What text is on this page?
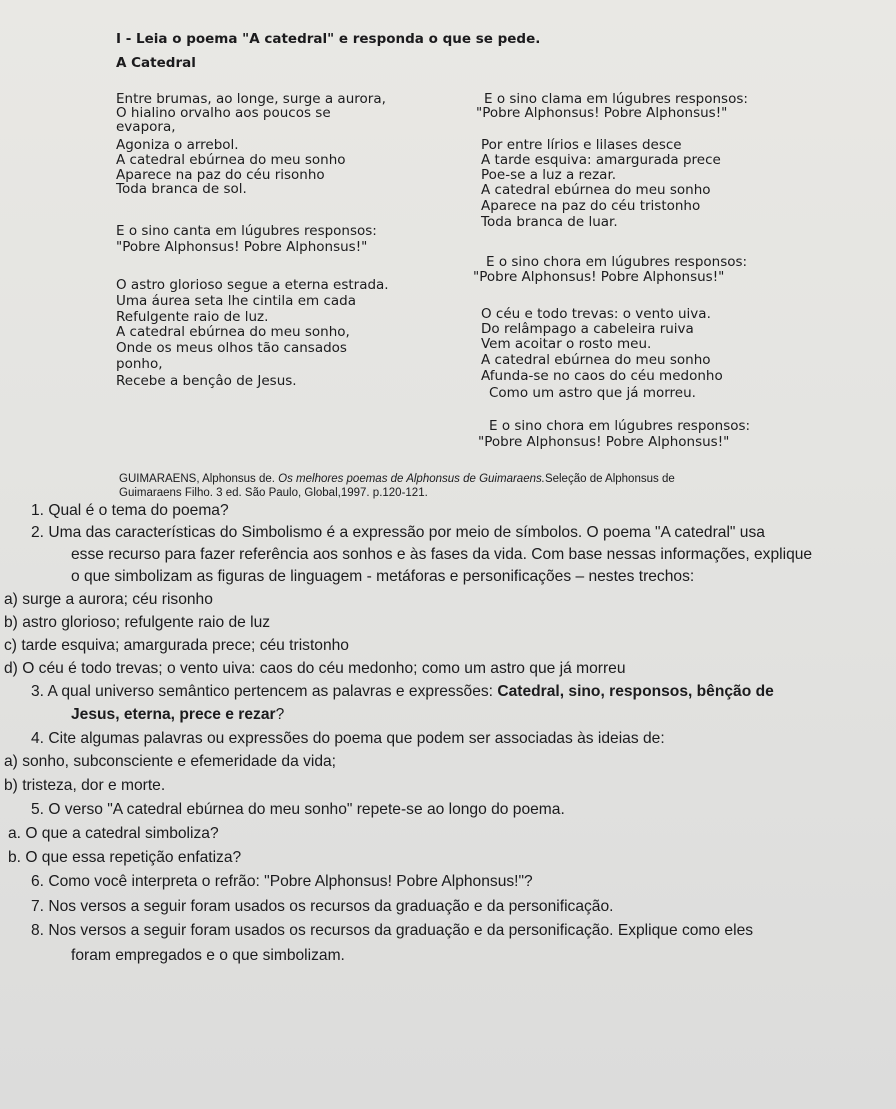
I - Leia o poema "A catedral" e responda o que se pede.
A Catedral
Entre brumas, ao longe, surge a aurora,
O hialino orvalho aos poucos se
evapora,
Agoniza o arrebol.
A catedral ebúrnea do meu sonho
Aparece na paz do céu risonho
Toda branca de sol.
E o sino canta em lúgubres responsos:
"Pobre Alphonsus! Pobre Alphonsus!"
O astro glorioso segue a eterna estrada.
Uma áurea seta lhe cintila em cada
Refulgente raio de luz.
A catedral ebúrnea do meu sonho,
Onde os meus olhos tão cansados
ponho,
Recebe a bençâo de Jesus.
E o sino clama em lúgubres responsos:
"Pobre Alphonsus! Pobre Alphonsus!"
Por entre lírios e lilases desce
A tarde esquiva: amargurada prece
Poe-se a luz a rezar.
A catedral ebúrnea do meu sonho
Aparece na paz do céu tristonho
Toda branca de luar.
E o sino chora em lúgubres responsos:
"Pobre Alphonsus! Pobre Alphonsus!"
O céu e todo trevas: o vento uiva.
Do relâmpago a cabeleira ruiva
Vem acoitar o rosto meu.
A catedral ebúrnea do meu sonho
Afunda-se no caos do céu medonho
Como um astro que já morreu.
E o sino chora em lúgubres responsos:
"Pobre Alphonsus! Pobre Alphonsus!"
GUIMARAENS, Alphonsus de. Os melhores poemas de Alphonsus de Guimaraens.Seleção de Alphonsus de
Guimaraens Filho. 3 ed. São Paulo, Global,1997. p.120-121.
1. Qual é o tema do poema?
2. Uma das características do Simbolismo é a expressão por meio de símbolos. O poema "A catedral" usa
esse recurso para fazer referência aos sonhos e às fases da vida. Com base nessas informações, explique
o que simbolizam as figuras de linguagem - metáforas e personificações – nestes trechos:
a) surge a aurora; céu risonho
b) astro glorioso; refulgente raio de luz
c) tarde esquiva; amargurada prece; céu tristonho
d) O céu é todo trevas; o vento uiva: caos do céu medonho; como um astro que já morreu
3. A qual universo semântico pertencem as palavras e expressões: Catedral, sino, responsos, bênção de
Jesus, eterna, prece e rezar?
4. Cite algumas palavras ou expressões do poema que podem ser associadas às ideias de:
a) sonho, subconsciente e efemeridade da vida;
b) tristeza, dor e morte.
5. O verso "A catedral ebúrnea do meu sonho" repete-se ao longo do poema.
a. O que a catedral simboliza?
b. O que essa repetição enfatiza?
6. Como você interpreta o refrão: "Pobre Alphonsus! Pobre Alphonsus!"?
7. Nos versos a seguir foram usados os recursos da graduação e da personificação.
8. Nos versos a seguir foram usados os recursos da graduação e da personificação. Explique como eles
foram empregados e o que simbolizam.
